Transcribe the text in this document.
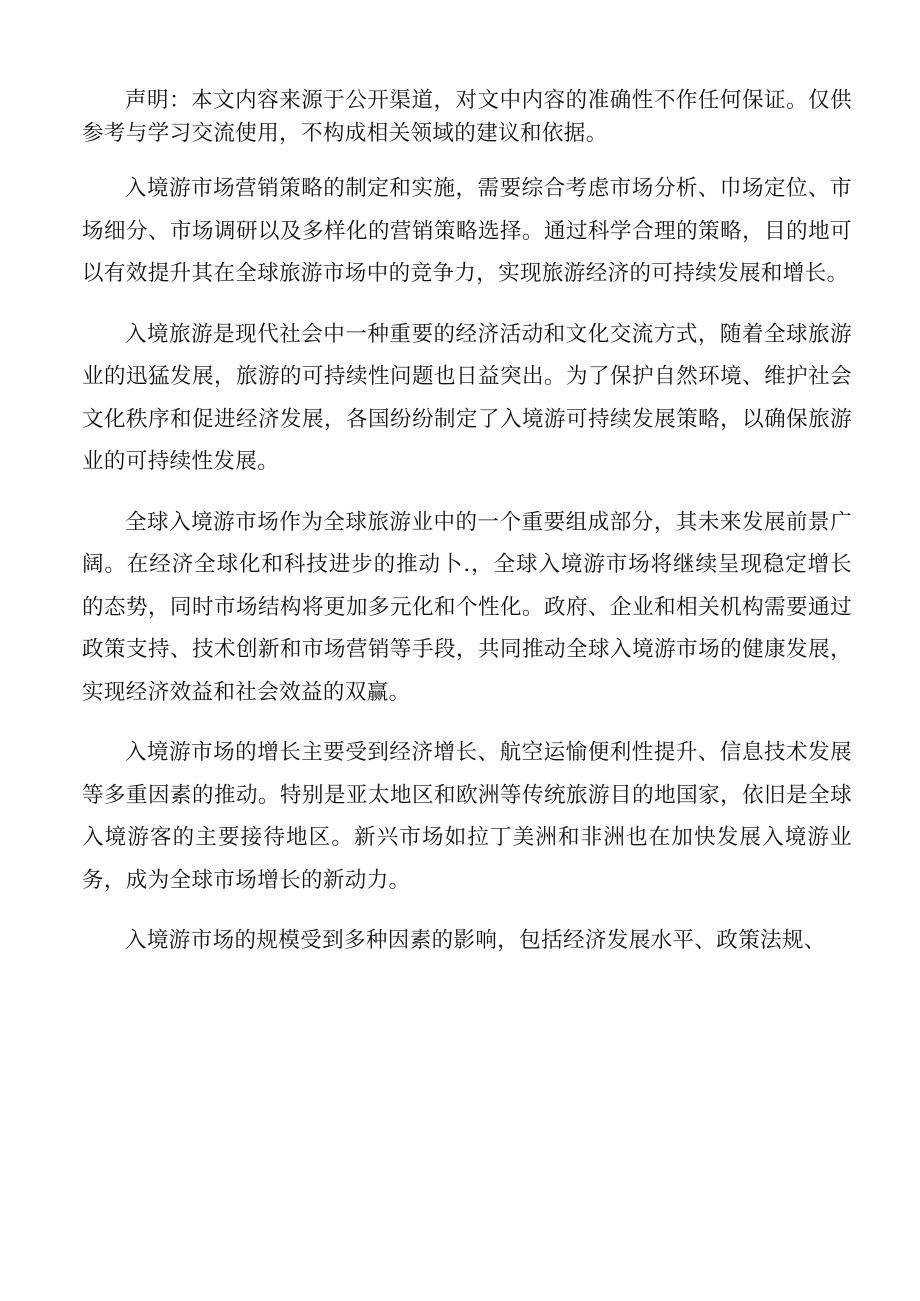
声明：本文内容来源于公开渠道，对文中内容的准确性不作任何保证。仅供参考与学习交流使用，不构成相关领域的建议和依据。

入境游市场营销策略的制定和实施，需要综合考虑市场分析、巾场定位、市场细分、市场调研以及多样化的营销策略选择。通过科学合理的策略，目的地可以有效提升其在全球旅游市场中的竞争力，实现旅游经济的可持续发展和增长。

入境旅游是现代社会中一种重要的经济活动和文化交流方式，随着全球旅游业的迅猛发展，旅游的可持续性问题也日益突出。为了保护自然环境、维护社会文化秩序和促进经济发展，各国纷纷制定了入境游可持续发展策略，以确保旅游业的可持续性发展。

全球入境游市场作为全球旅游业中的一个重要组成部分，其未来发展前景广阔。在经济全球化和科技进步的推动卜.，全球入境游市场将继续呈现稳定增长的态势，同时市场结构将更加多元化和个性化。政府、企业和相关机构需要通过政策支持、技术创新和市场营销等手段，共同推动全球入境游市场的健康发展，实现经济效益和社会效益的双赢。

入境游市场的增长主要受到经济增长、航空运愉便利性提升、信息技术发展等多重因素的推动。特别是亚太地区和欧洲等传统旅游目的地国家，依旧是全球入境游客的主要接待地区。新兴市场如拉丁美洲和非洲也在加快发展入境游业务，成为全球市场增长的新动力。

入境游市场的规模受到多种因素的影响，包括经济发展水平、政策法规、
